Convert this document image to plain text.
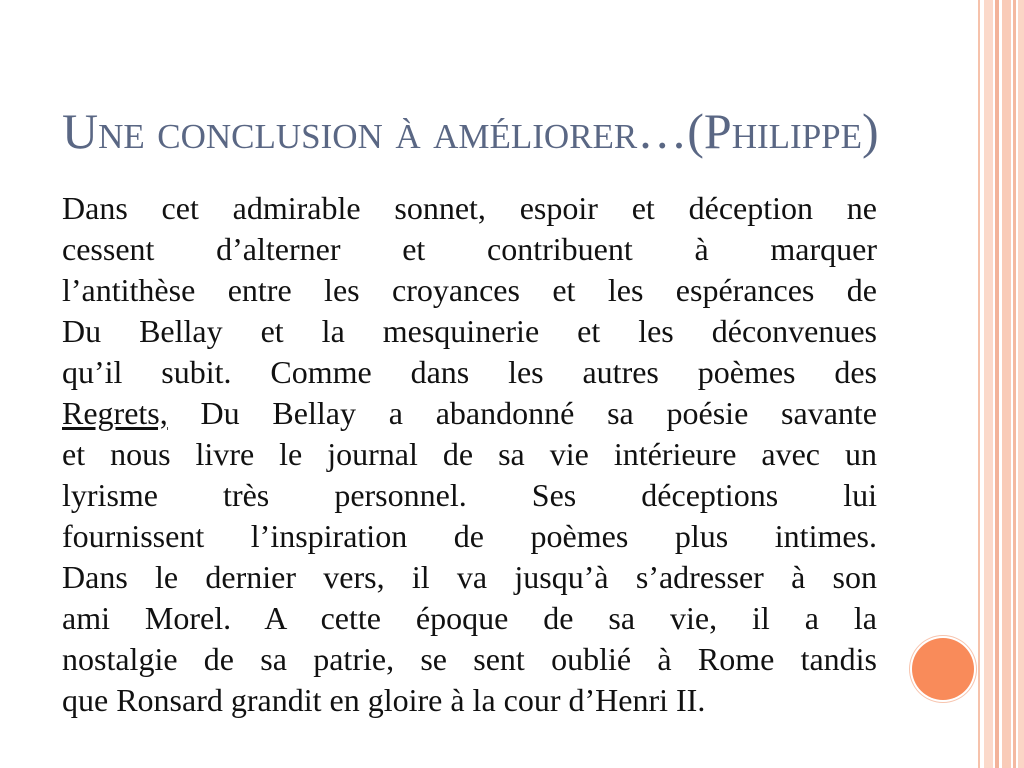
Une conclusion à améliorer…(Philippe)
Dans cet admirable sonnet, espoir et déception ne
cessent d’alterner et contribuent à marquer
l’antithèse entre les croyances et les espérances de
Du Bellay et la mesquinerie et les déconvenues
qu’il subit. Comme dans les autres poèmes des
Regrets, Du Bellay a abandonné sa poésie savante
et nous livre le journal de sa vie intérieure avec un
lyrisme très personnel. Ses déceptions lui
fournissent l’inspiration de poèmes plus intimes.
Dans le dernier vers, il va jusqu’à s’adresser à son
ami Morel. A cette époque de sa vie, il a la
nostalgie de sa patrie, se sent oublié à Rome tandis
que Ronsard grandit en gloire à la cour d’Henri II.
